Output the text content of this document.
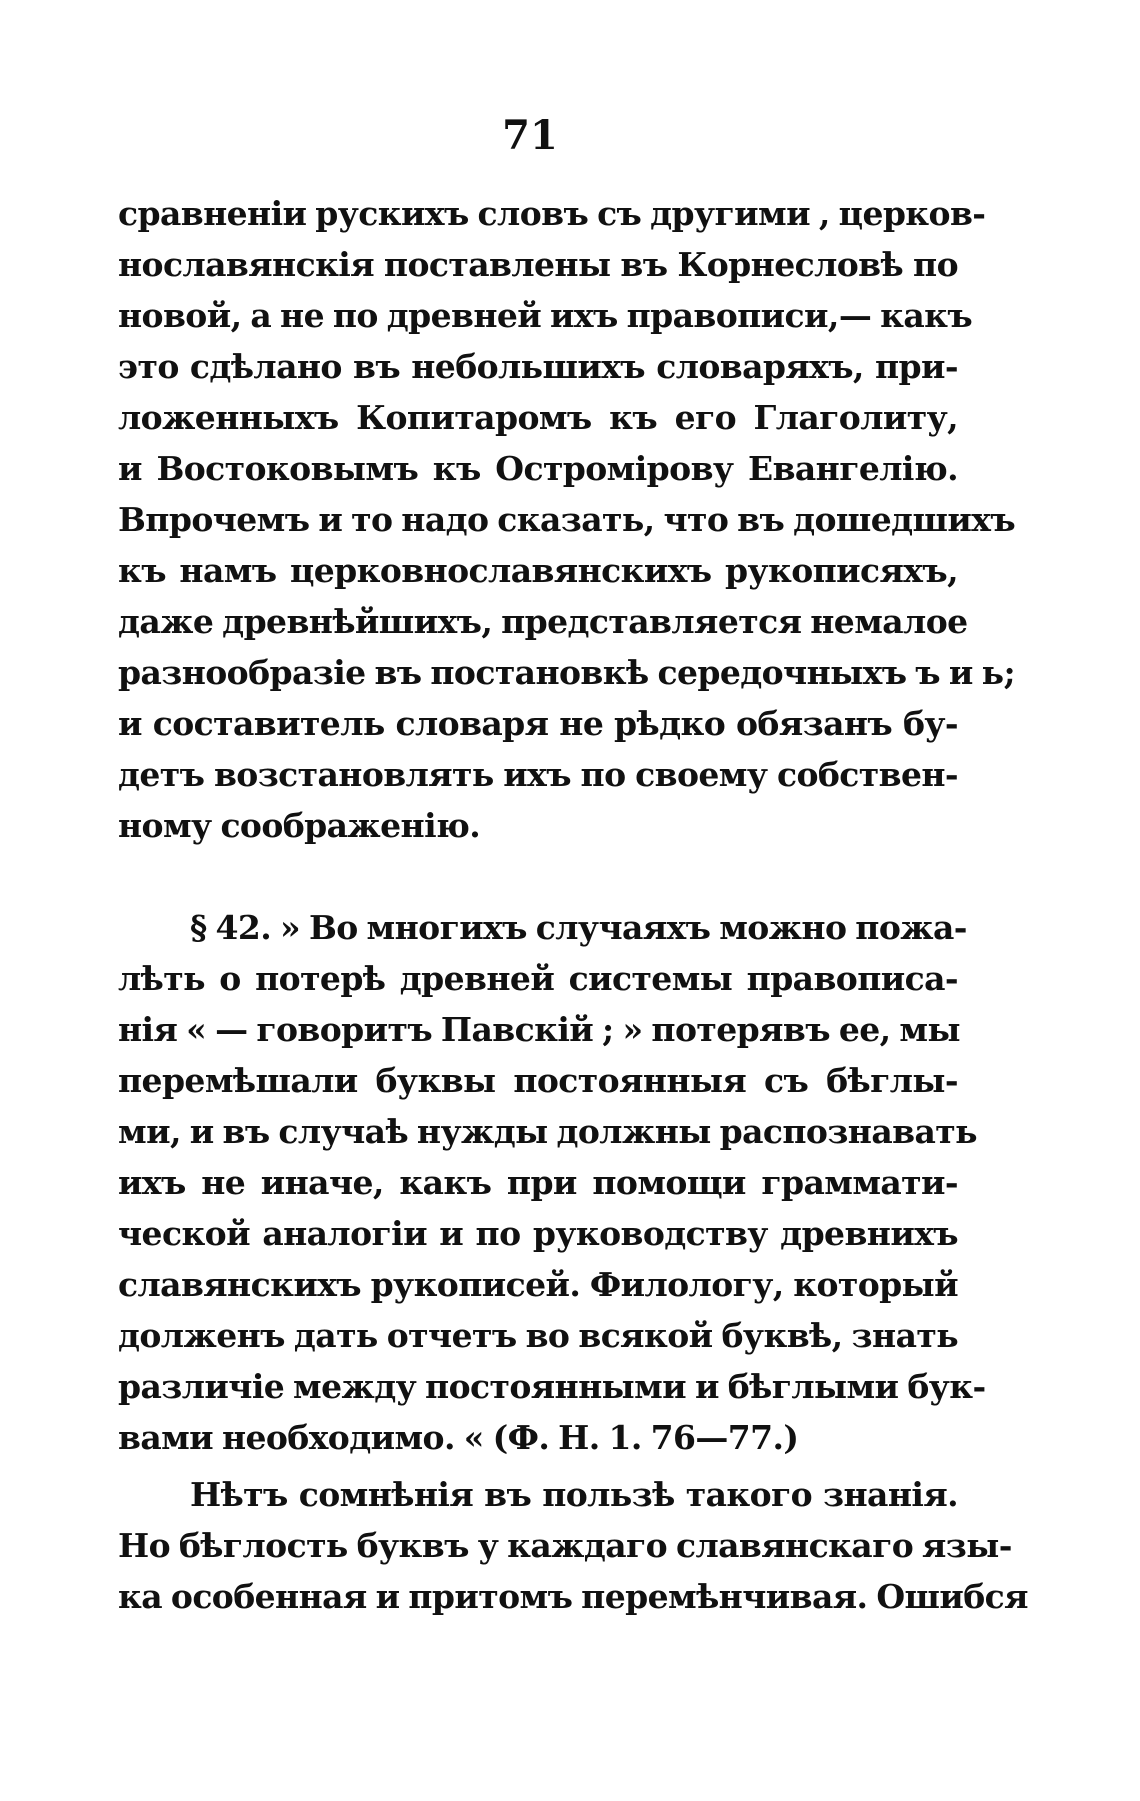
71
сравненіи рускихъ словъ съ другими , церков-
нославянскія поставлены въ Корнесловѣ по
новой, а не по древней ихъ правописи,— какъ
это сдѣлано въ небольшихъ словаряхъ, при-
ложенныхъ Копитаромъ къ его Глаголиту,
и Востоковымъ къ Остромірову Евангелію.
Впрочемъ и то надо сказать, что въ дошедшихъ
къ намъ церковнославянскихъ рукописяхъ,
даже древнѣйшихъ, представляется немалое
разнообразіе въ постановкѣ середочныхъ ъ и ь;
и составитель словаря не рѣдко обязанъ бу-
детъ возстановлять ихъ по своему собствен-
ному соображенію.
§ 42. » Во многихъ случаяхъ можно пожа-
лѣть о потерѣ древней системы правописа-
нія « — говоритъ Павскій ; » потерявъ ее, мы
перемѣшали буквы постоянныя съ бѣглы-
ми, и въ случаѣ нужды должны распознавать
ихъ не иначе, какъ при помощи граммати-
ческой аналогіи и по руководству древнихъ
славянскихъ рукописей. Филологу, который
долженъ дать отчетъ во всякой буквѣ, знать
различіе между постоянными и бѣглыми бук-
вами необходимо. « (Ф. Н. 1. 76—77.)
Нѣтъ сомнѣнія въ пользѣ такого знанія.
Но бѣглость буквъ у каждаго славянскаго язы-
ка особенная и притомъ перемѣнчивая. Ошибся
